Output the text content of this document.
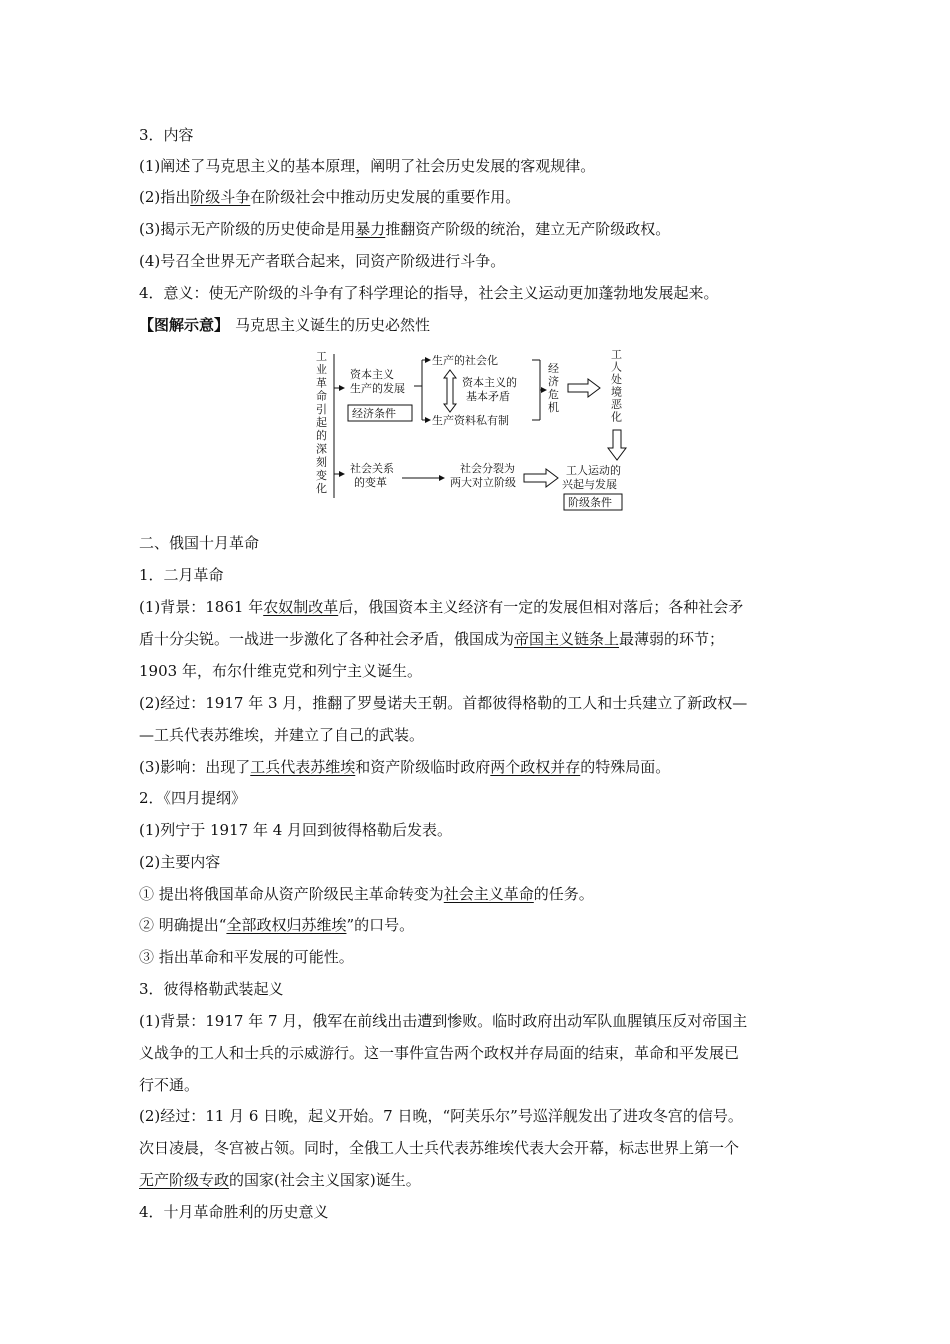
3．内容
(1)阐述了马克思主义的基本原理，阐明了社会历史发展的客观规律。
(2)指出阶级斗争在阶级社会中推动历史发展的重要作用。
(3)揭示无产阶级的历史使命是用暴力推翻资产阶级的统治，建立无产阶级政权。
(4)号召全世界无产者联合起来，同资产阶级进行斗争。
4．意义：使无产阶级的斗争有了科学理论的指导，社会主义运动更加蓬勃地发展起来。
【图解示意】 马克思主义诞生的历史必然性
工业革命引起的深刻变化
资本主义
生产的发展
经济条件
生产的社会化
生产资料私有制
资本主义的
基本矛盾
经济危机
工人处境恶化
社会关系
的变革
社会分裂为
两大对立阶级
工人运动的
兴起与发展
阶级条件
二、俄国十月革命
1．二月革命
(1)背景：1861 年农奴制改革后，俄国资本主义经济有一定的发展但相对落后；各种社会矛
盾十分尖锐。一战进一步激化了各种社会矛盾，俄国成为帝国主义链条上最薄弱的环节；
1903 年，布尔什维克党和列宁主义诞生。
(2)经过：1917 年 3 月，推翻了罗曼诺夫王朝。首都彼得格勒的工人和士兵建立了新政权—
—工兵代表苏维埃，并建立了自己的武装。
(3)影响：出现了工兵代表苏维埃和资产阶级临时政府两个政权并存的特殊局面。
2．《四月提纲》
(1)列宁于 1917 年 4 月回到彼得格勒后发表。
(2)主要内容
① 提出将俄国革命从资产阶级民主革命转变为社会主义革命的任务。
② 明确提出“全部政权归苏维埃”的口号。
③ 指出革命和平发展的可能性。
3．彼得格勒武装起义
(1)背景：1917 年 7 月，俄军在前线出击遭到惨败。临时政府出动军队血腥镇压反对帝国主
义战争的工人和士兵的示威游行。这一事件宣告两个政权并存局面的结束，革命和平发展已
行不通。
(2)经过：11 月 6 日晚，起义开始。7 日晚，“阿芙乐尔”号巡洋舰发出了进攻冬宫的信号。
次日凌晨，冬宫被占领。同时，全俄工人士兵代表苏维埃代表大会开幕，标志世界上第一个
无产阶级专政的国家(社会主义国家)诞生。
4．十月革命胜利的历史意义
